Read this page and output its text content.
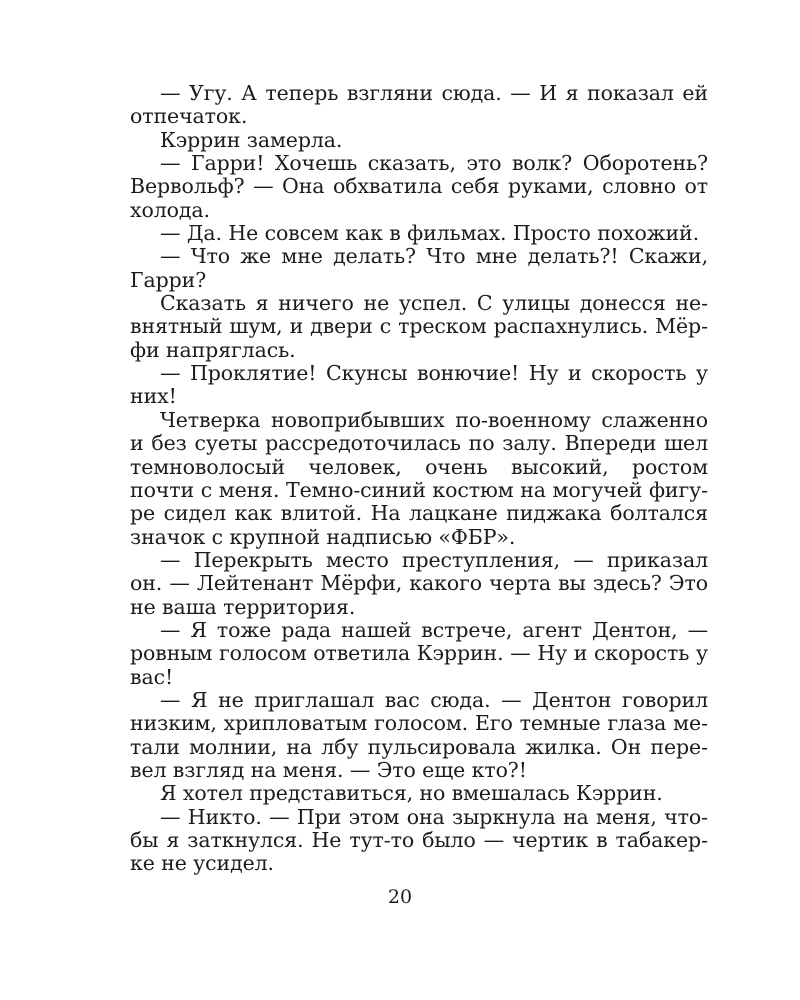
— Угу. А теперь взгляни сюда. — И я показал ей отпечаток.

Кэррин замерла.

— Гарри! Хочешь сказать, это волк? Оборотень? Вервольф? — Она обхватила себя руками, словно от холода.

— Да. Не совсем как в фильмах. Просто похожий.

— Что же мне делать? Что мне делать?! Скажи, Гарри?

Сказать я ничего не успел. С улицы донесся невнятный шум, и двери с треском распахнулись. Мёрфи напряглась.

— Проклятие! Скунсы вонючие! Ну и скорость у них!

Четверка новоприбывших по-военному слаженно и без суеты рассредоточилась по залу. Впереди шел темноволосый человек, очень высокий, ростом почти с меня. Темно-синий костюм на могучей фигуре сидел как влитой. На лацкане пиджака болтался значок с крупной надписью «ФБР».

— Перекрыть место преступления, — приказал он. — Лейтенант Мёрфи, какого черта вы здесь? Это не ваша территория.

— Я тоже рада нашей встрече, агент Дентон, — ровным голосом ответила Кэррин. — Ну и скорость у вас!

— Я не приглашал вас сюда. — Дентон говорил низким, хрипловатым голосом. Его темные глаза метали молнии, на лбу пульсировала жилка. Он перевел взгляд на меня. — Это еще кто?!

Я хотел представиться, но вмешалась Кэррин.

— Никто. — При этом она зыркнула на меня, чтобы я заткнулся. Не тут-то было — чертик в табакерке не усидел.

20
